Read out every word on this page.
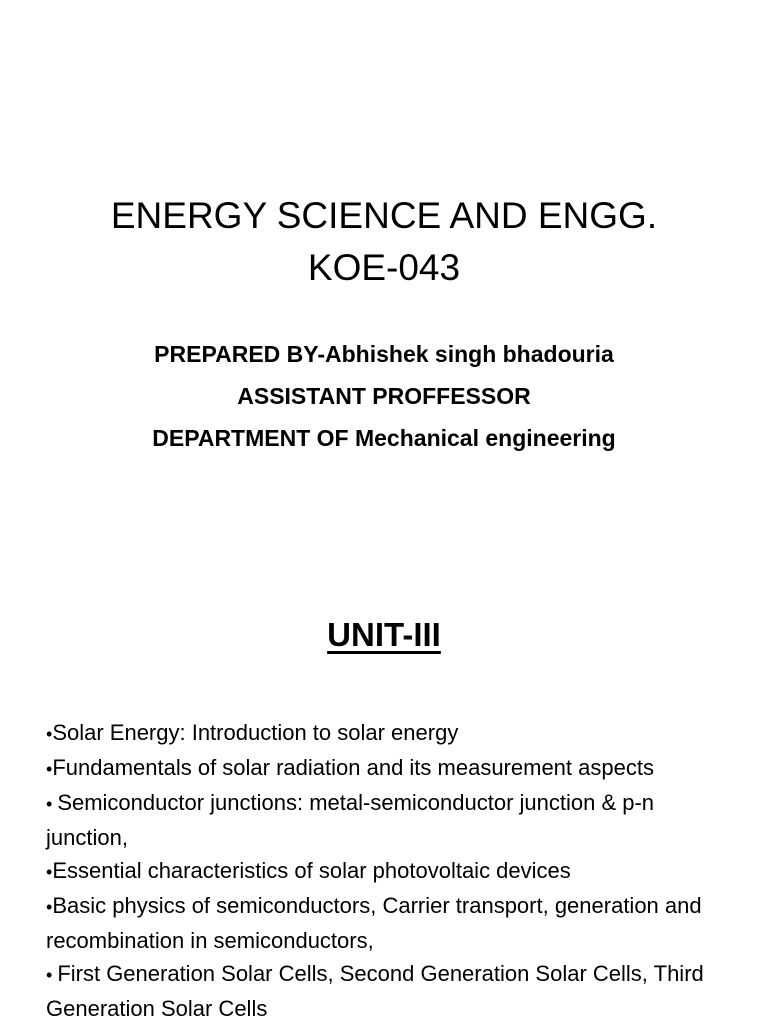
ENERGY SCIENCE AND ENGG.
KOE-043
PREPARED BY-Abhishek singh bhadouria
ASSISTANT PROFFESSOR
DEPARTMENT OF Mechanical engineering
UNIT-III
•Solar Energy: Introduction to solar energy
•Fundamentals of solar radiation and its measurement aspects
• Semiconductor junctions: metal-semiconductor junction & p-n junction,
•Essential characteristics of solar photovoltaic devices
•Basic physics of semiconductors, Carrier transport, generation and recombination in semiconductors,
• First Generation Solar Cells, Second Generation Solar Cells, Third Generation Solar Cells
